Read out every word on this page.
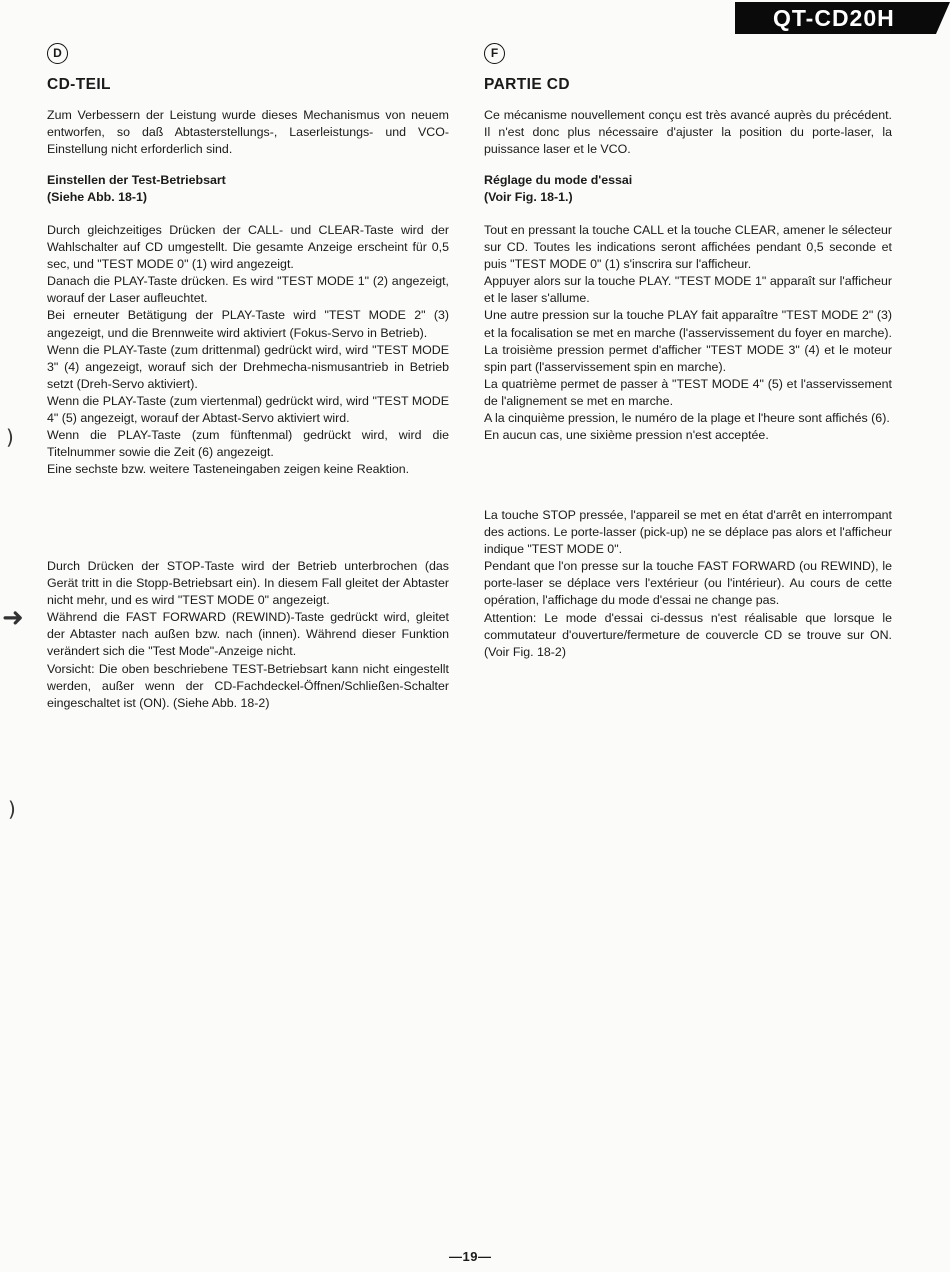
QT-CD20H
)
)
➜
D
CD-TEIL

Zum Verbessern der Leistung wurde dieses Mechanismus von neuem entworfen, so daß Abtasterstellungs-, Laserleistungs- und VCO-Einstellung nicht erforderlich sind.

Einstellen der Test-Betriebsart
(Siehe Abb. 18-1)

Durch gleichzeitiges Drücken der CALL- und CLEAR-Taste wird der Wahlschalter auf CD umgestellt. Die gesamte Anzeige erscheint für 0,5 sec, und "TEST MODE 0" (1) wird angezeigt.

Danach die PLAY-Taste drücken. Es wird "TEST MODE 1" (2) angezeigt, worauf der Laser aufleuchtet.

Bei erneuter Betätigung der PLAY-Taste wird "TEST MODE 2" (3) angezeigt, und die Brennweite wird aktiviert (Fokus-Servo in Betrieb).

Wenn die PLAY-Taste (zum drittenmal) gedrückt wird, wird "TEST MODE 3" (4) angezeigt, worauf sich der Drehmecha-nismusantrieb in Betrieb setzt (Dreh-Servo aktiviert).

Wenn die PLAY-Taste (zum viertenmal) gedrückt wird, wird "TEST MODE 4" (5) angezeigt, worauf der Abtast-Servo aktiviert wird.

Wenn die PLAY-Taste (zum fünftenmal) gedrückt wird, wird die Titelnummer sowie die Zeit (6) angezeigt.

Eine sechste bzw. weitere Tasteneingaben zeigen keine Reaktion.

Durch Drücken der STOP-Taste wird der Betrieb unterbrochen (das Gerät tritt in die Stopp-Betriebsart ein). In diesem Fall gleitet der Abtaster nicht mehr, und es wird "TEST MODE 0" angezeigt.

Während die FAST FORWARD (REWIND)-Taste gedrückt wird, gleitet der Abtaster nach außen bzw. nach (innen). Während dieser Funktion verändert sich die "Test Mode"-Anzeige nicht.

Vorsicht: Die oben beschriebene TEST-Betriebsart kann nicht eingestellt werden, außer wenn der CD-Fachdeckel-Öffnen/Schließen-Schalter eingeschaltet ist (ON). (Siehe Abb. 18-2)

F
PARTIE CD

Ce mécanisme nouvellement conçu est très avancé auprès du précédent. Il n'est donc plus nécessaire d'ajuster la position du porte-laser, la puissance laser et le VCO.

Réglage du mode d'essai
(Voir Fig. 18-1.)

Tout en pressant la touche CALL et la touche CLEAR, amener le sélecteur sur CD. Toutes les indications seront affichées pendant 0,5 seconde et puis "TEST MODE 0" (1) s'inscrira sur l'afficheur.

Appuyer alors sur la touche PLAY. "TEST MODE 1" apparaît sur l'afficheur et le laser s'allume.

Une autre pression sur la touche PLAY fait apparaître "TEST MODE 2" (3) et la focalisation se met en marche (l'asservissement du foyer en marche).

La troisième pression permet d'afficher "TEST MODE 3" (4) et le moteur spin part (l'asservissement spin en marche).

La quatrième permet de passer à "TEST MODE 4" (5) et l'asservissement de l'alignement se met en marche.

A la cinquième pression, le numéro de la plage et l'heure sont affichés (6).

En aucun cas, une sixième pression n'est acceptée.

La touche STOP pressée, l'appareil se met en état d'arrêt en interrompant des actions. Le porte-lasser (pick-up) ne se déplace pas alors et l'afficheur indique "TEST MODE 0".

Pendant que l'on presse sur la touche FAST FORWARD (ou REWIND), le porte-laser se déplace vers l'extérieur (ou l'intérieur). Au cours de cette opération, l'affichage du mode d'essai ne change pas.

Attention: Le mode d'essai ci-dessus n'est réalisable que lorsque le commutateur d'ouverture/fermeture de couvercle CD se trouve sur ON. (Voir Fig. 18-2)

—19—
